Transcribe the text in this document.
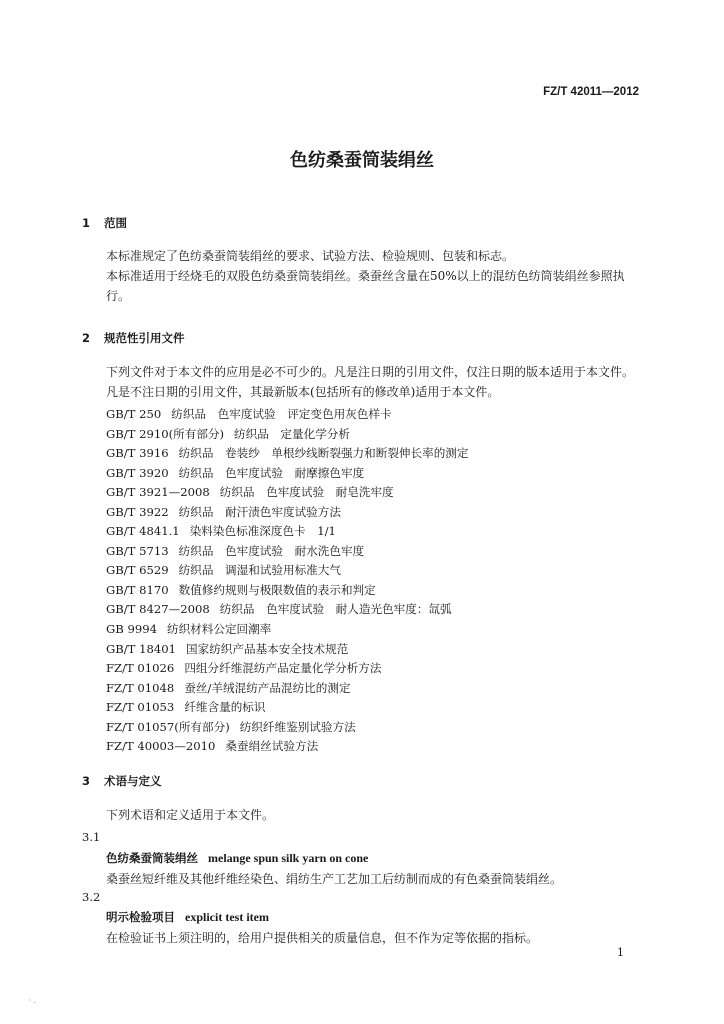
FZ/T 42011—2012
色纺桑蚕筒装绢丝
1 范围
本标准规定了色纺桑蚕筒装绢丝的要求、试验方法、检验规则、包装和标志。
本标准适用于经烧毛的双股色纺桑蚕筒装绢丝。桑蚕丝含量在50%以上的混纺色纺筒装绢丝参照执行。
2 规范性引用文件
下列文件对于本文件的应用是必不可少的。凡是注日期的引用文件，仅注日期的版本适用于本文件。凡是不注日期的引用文件，其最新版本(包括所有的修改单)适用于本文件。
GB/T 250 纺织品　色牢度试验　评定变色用灰色样卡
GB/T 2910(所有部分) 纺织品　定量化学分析
GB/T 3916 纺织品　卷装纱　单根纱线断裂强力和断裂伸长率的测定
GB/T 3920 纺织品　色牢度试验　耐摩擦色牢度
GB/T 3921—2008 纺织品　色牢度试验　耐皂洗牢度
GB/T 3922 纺织品　耐汗渍色牢度试验方法
GB/T 4841.1 染料染色标准深度色卡　1/1
GB/T 5713 纺织品　色牢度试验　耐水洗色牢度
GB/T 6529 纺织品　调湿和试验用标准大气
GB/T 8170 数值修约规则与极限数值的表示和判定
GB/T 8427—2008 纺织品　色牢度试验　耐人造光色牢度：氙弧
GB 9994 纺织材料公定回潮率
GB/T 18401 国家纺织产品基本安全技术规范
FZ/T 01026 四组分纤维混纺产品定量化学分析方法
FZ/T 01048 蚕丝/羊绒混纺产品混纺比的测定
FZ/T 01053 纤维含量的标识
FZ/T 01057(所有部分) 纺织纤维鉴别试验方法
FZ/T 40003—2010 桑蚕绢丝试验方法
3 术语与定义
下列术语和定义适用于本文件。
3.1
色纺桑蚕筒装绢丝 melange spun silk yarn on cone
桑蚕丝短纤维及其他纤维经染色、绢纺生产工艺加工后纺制而成的有色桑蚕筒装绢丝。
3.2
明示检验项目 explicit test item
在检验证书上须注明的，给用户提供相关的质量信息，但不作为定等依据的指标。
1
· .
